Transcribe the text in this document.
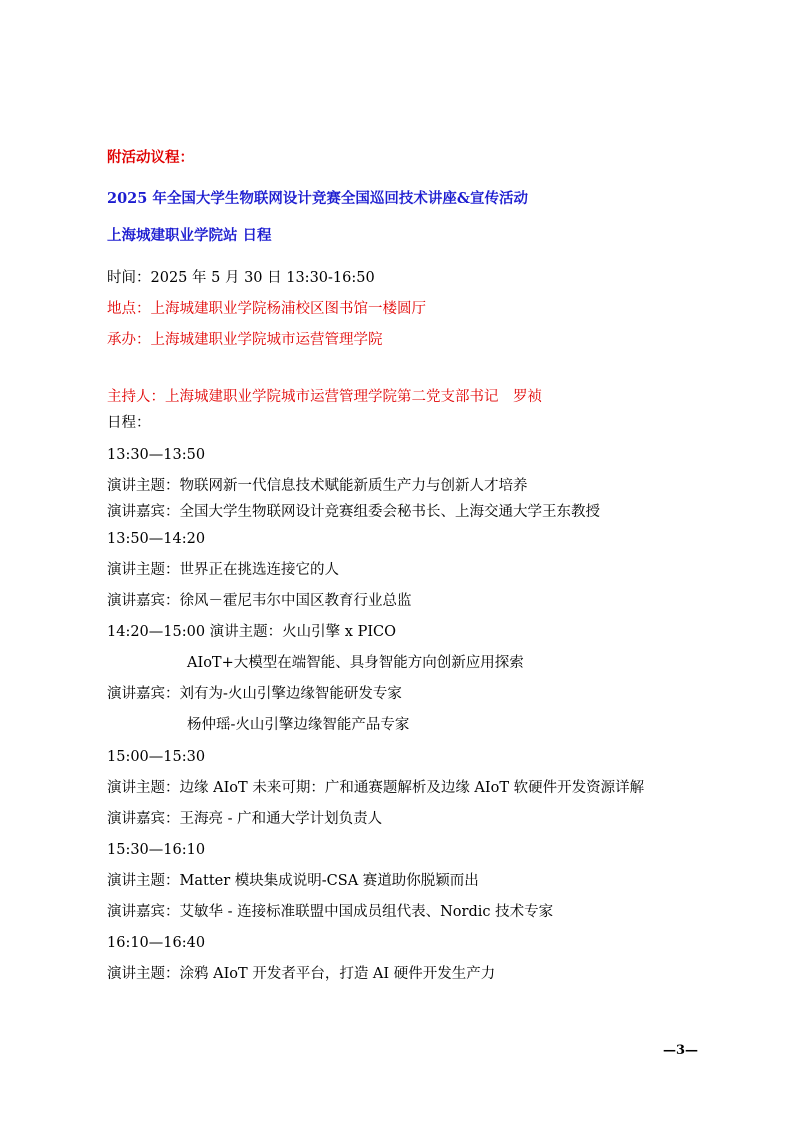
附活动议程：
2025 年全国大学生物联网设计竞赛全国巡回技术讲座&宣传活动
上海城建职业学院站 日程
时间：2025 年 5 月 30 日 13:30-16:50
地点：上海城建职业学院杨浦校区图书馆一楼圆厅
承办：上海城建职业学院城市运营管理学院
主持人：上海城建职业学院城市运营管理学院第二党支部书记　罗祯
日程：
13:30—13:50
演讲主题：物联网新一代信息技术赋能新质生产力与创新人才培养
演讲嘉宾：全国大学生物联网设计竞赛组委会秘书长、上海交通大学王东教授
13:50—14:20
演讲主题：世界正在挑选连接它的人
演讲嘉宾：徐风－霍尼韦尔中国区教育行业总监
14:20—15:00 演讲主题：火山引擎 x PICO
AIoT+大模型在端智能、具身智能方向创新应用探索
演讲嘉宾：刘有为-火山引擎边缘智能研发专家
杨仲瑶-火山引擎边缘智能产品专家
15:00—15:30
演讲主题：边缘 AIoT 未来可期：广和通赛题解析及边缘 AIoT 软硬件开发资源详解
演讲嘉宾：王海亮 - 广和通大学计划负责人
15:30—16:10
演讲主题：Matter 模块集成说明-CSA 赛道助你脱颖而出
演讲嘉宾：艾敏华 - 连接标准联盟中国成员组代表、Nordic 技术专家
16:10—16:40
演讲主题：涂鸦 AIoT 开发者平台，打造 AI 硬件开发生产力
—3—
